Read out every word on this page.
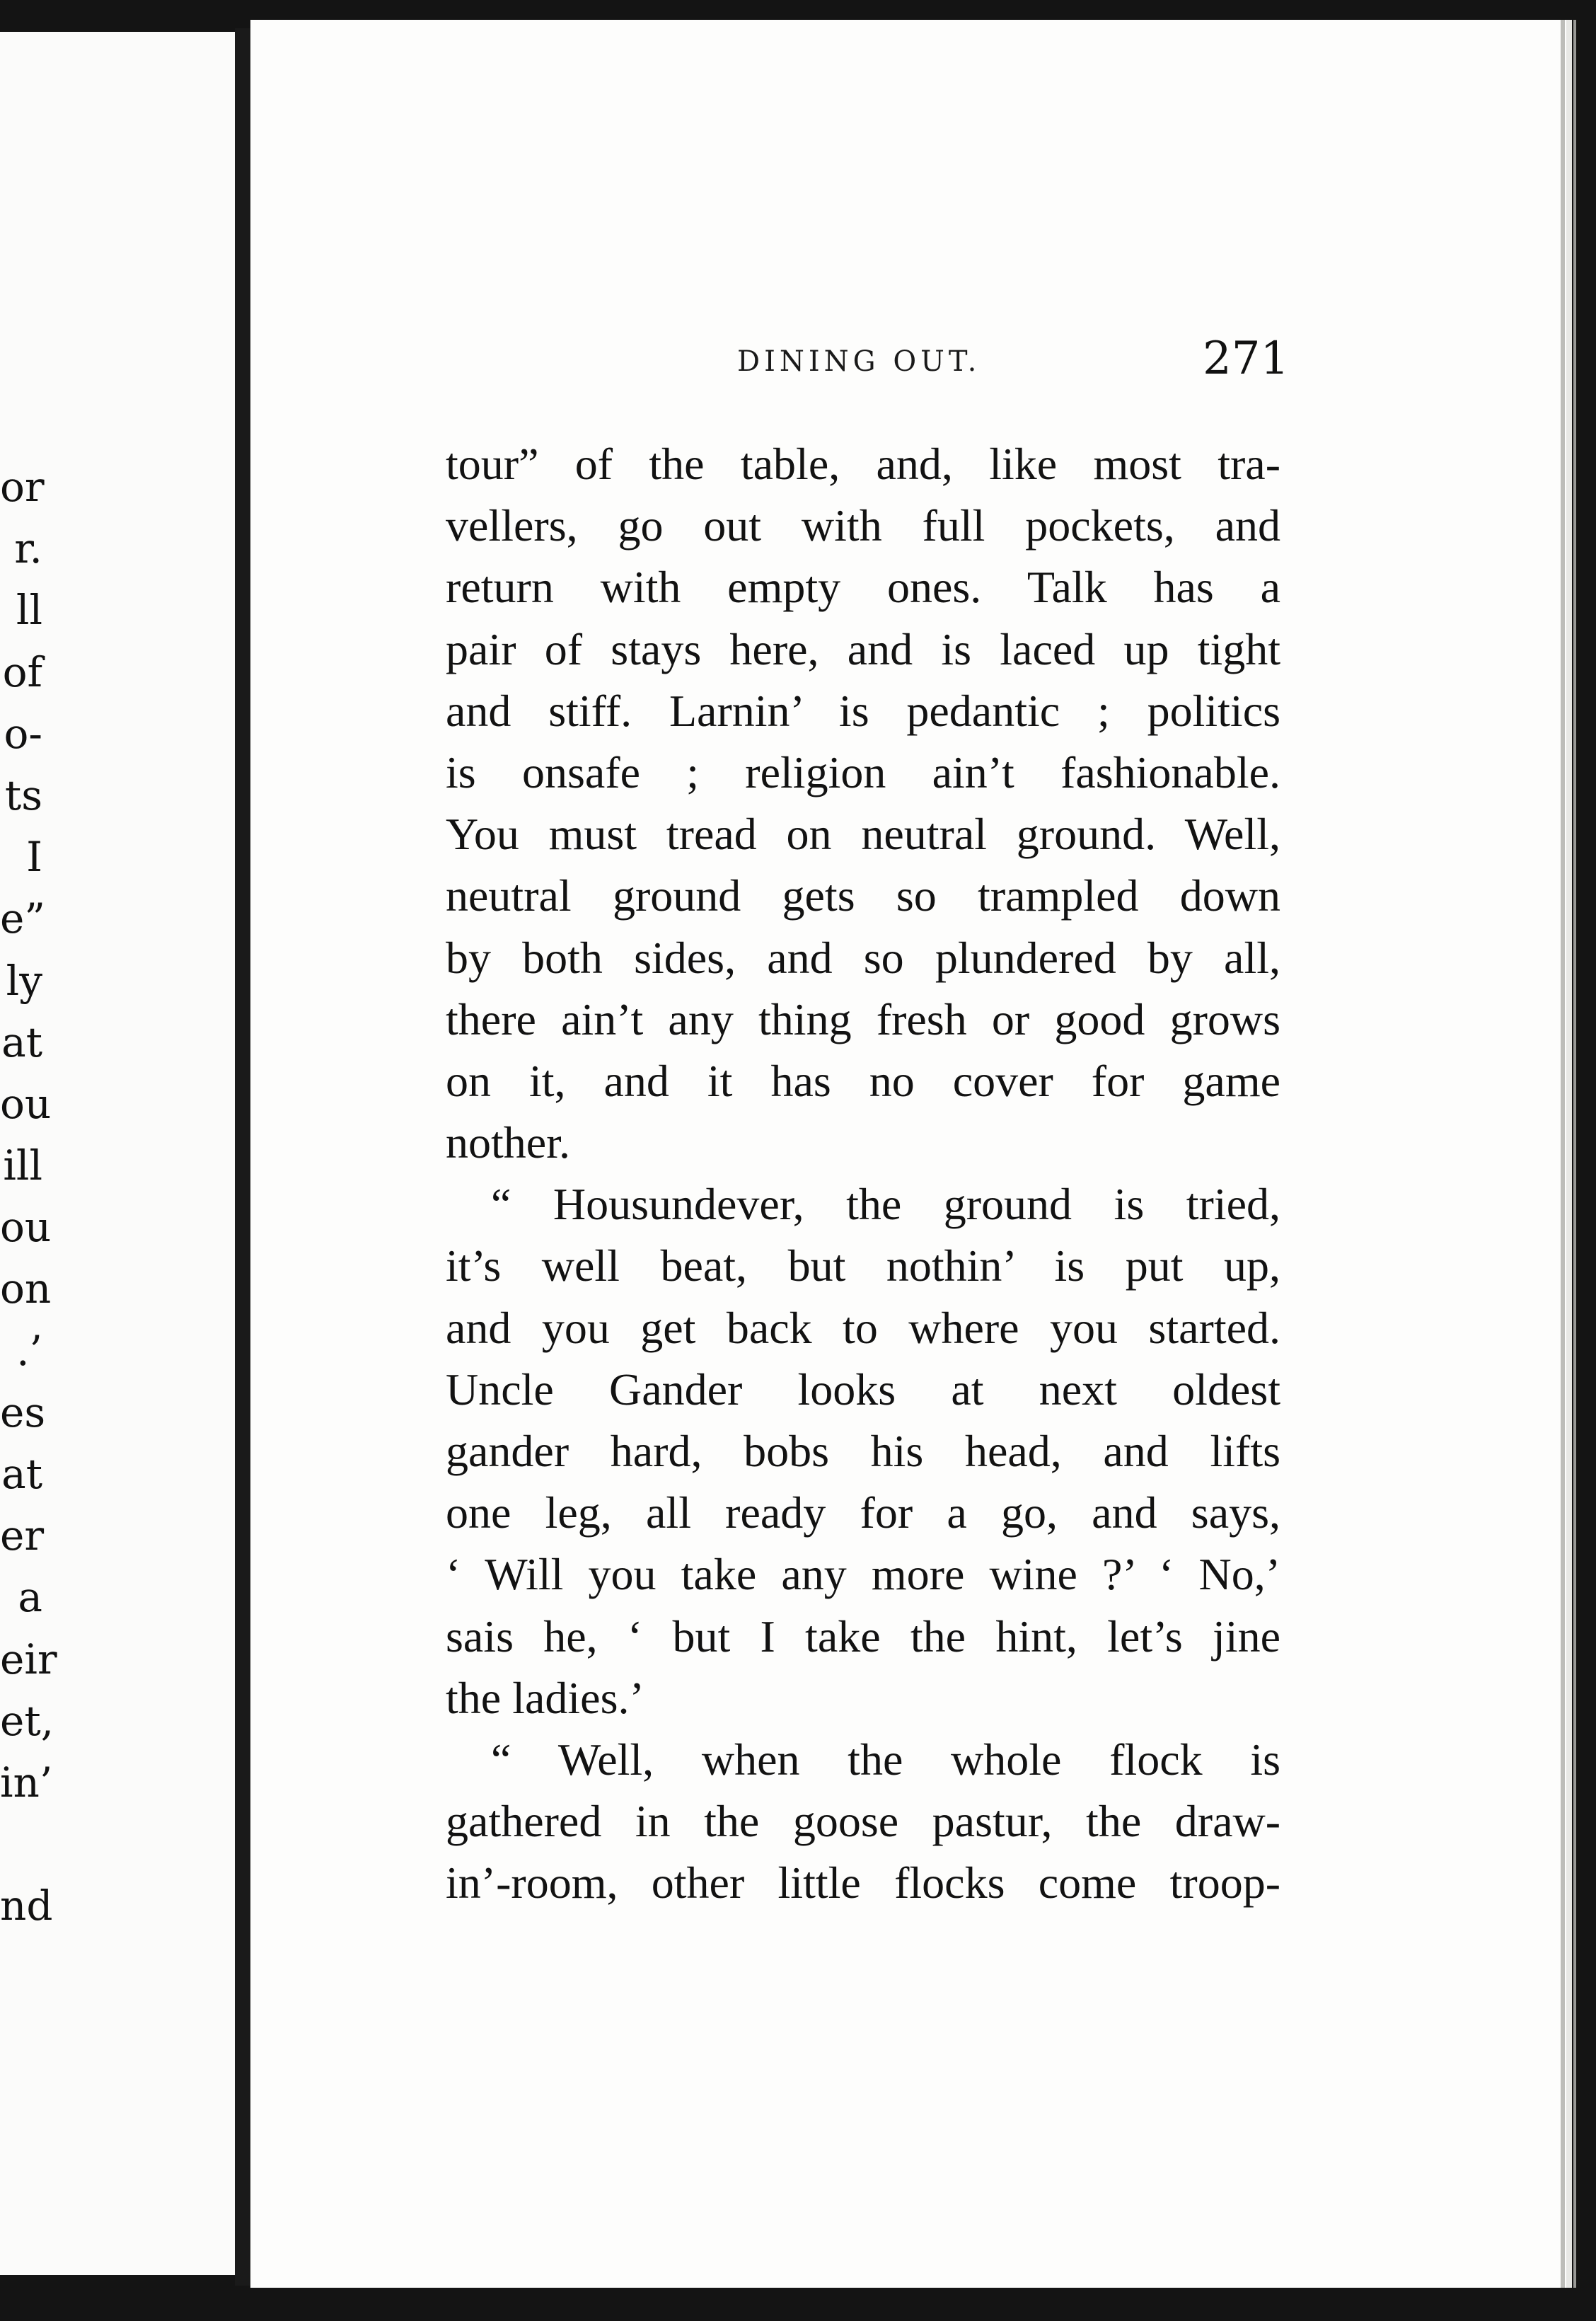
or
r.
ll
of
o-
ts
I
e”
ly
at
ou
ill
ou
on
.’
es
at
er
a
eir
et,
in’
nd
DINING OUT.	271
tour” of the table, and, like most tra-
vellers, go out with full pockets, and
return with empty ones. Talk has a
pair of stays here, and is laced up tight
and stiff. Larnin’ is pedantic ; politics
is onsafe ; religion ain’t fashionable.
You must tread on neutral ground. Well,
neutral ground gets so trampled down
by both sides, and so plundered by all,
there ain’t any thing fresh or good grows
on it, and it has no cover for game
nother.
“ Housundever, the ground is tried,
it’s well beat, but nothin’ is put up,
and you get back to where you started.
Uncle Gander looks at next oldest
gander hard, bobs his head, and lifts
one leg, all ready for a go, and says,
‘ Will you take any more wine ?’ ‘ No,’
sais he, ‘ but I take the hint, let’s jine
the ladies.’
“ Well, when the whole flock is
gathered in the goose pastur, the draw-
in’-room, other little flocks come troop-
